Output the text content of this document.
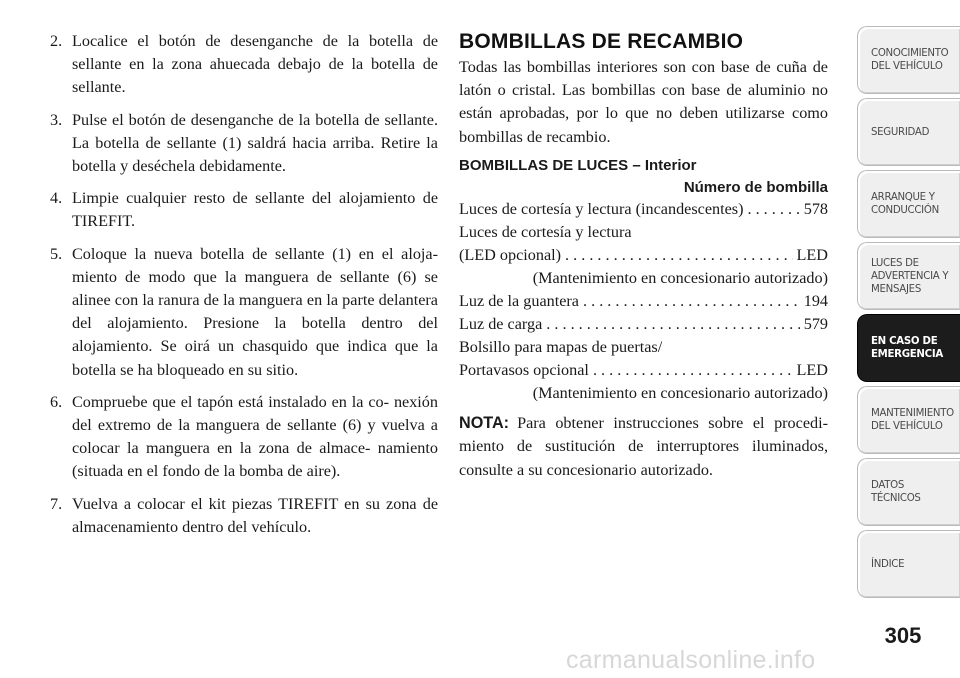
2. Localice el botón de desenganche de la botella de sellante en la zona ahuecada debajo de la botella de sellante.
3. Pulse el botón de desenganche de la botella de sellante. La botella de sellante (1) saldrá hacia arriba. Retire la botella y deséchela debidamente.
4. Limpie cualquier resto de sellante del alojamiento de TIREFIT.
5. Coloque la nueva botella de sellante (1) en el aloja- miento de modo que la manguera de sellante (6) se alinee con la ranura de la manguera en la parte delantera del alojamiento. Presione la botella dentro del alojamiento. Se oirá un chasquido que indica que la botella se ha bloqueado en su sitio.
6. Compruebe que el tapón está instalado en la co- nexión del extremo de la manguera de sellante (6) y vuelva a colocar la manguera en la zona de almace- namiento (situada en el fondo de la bomba de aire).
7. Vuelva a colocar el kit piezas TIREFIT en su zona de almacenamiento dentro del vehículo.
BOMBILLAS DE RECAMBIO

Todas las bombillas interiores son con base de cuña de latón o cristal. Las bombillas con base de aluminio no están aprobadas, por lo que no deben utilizarse como bombillas de recambio.

BOMBILLAS DE LUCES – Interior

Número de bombilla

Luces de cortesía y lectura (incandescentes) . . .	578
Luces de cortesía y lectura
(LED opcional) . . .	LED
(Mantenimiento en concesionario autorizado)
Luz de la guantera . . .	194
Luz de carga . . .	579
Bolsillo para mapas de puertas/
Portavasos opcional . . .	LED
(Mantenimiento en concesionario autorizado)

NOTA: Para obtener instrucciones sobre el procedi- miento de sustitución de interruptores iluminados, consulte a su concesionario autorizado.

CONOCIMIENTO
DEL VEHÍCULO
SEGURIDAD
ARRANQUE Y
CONDUCCIÓN
LUCES DE
ADVERTENCIA Y
MENSAJES
EN CASO DE
EMERGENCIA
MANTENIMIENTO
DEL VEHÍCULO
DATOS
TÉCNICOS
ÍNDICE
305
carmanualsonline.info
